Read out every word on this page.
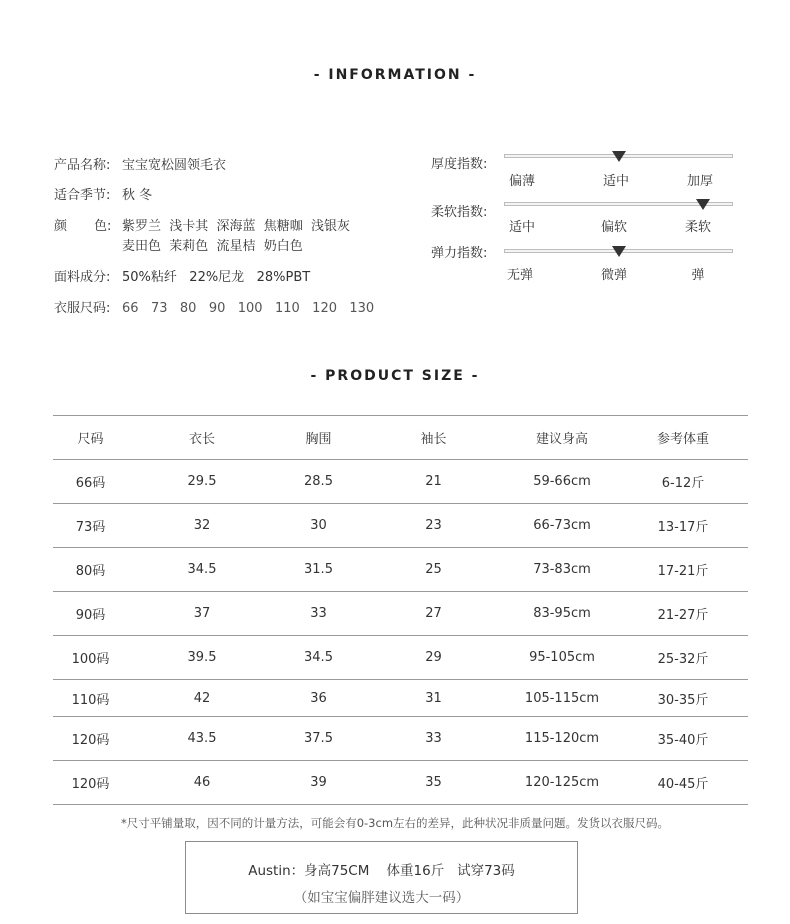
- INFORMATION -
产品名称: 宝宝宽松圆领毛衣
适合季节: 秋 冬
颜 色: 紫罗兰  浅卡其  深海蓝  焦糖咖  浅银灰
麦田色  茉莉色  流星桔  奶白色
面料成分: 50%粘纤   22%尼龙   28%PBT
衣服尺码: 66   73   80   90   100   110   120   130
厚度指数:
偏薄	适中	加厚
柔软指数:
适中	偏软	柔软
弹力指数:
无弹	微弹	弹
- PRODUCT SIZE -
尺码	衣长	胸围	袖长	建议身高	参考体重
66码	29.5	28.5	21	59-66cm	6-12斤
73码	32	30	23	66-73cm	13-17斤
80码	34.5	31.5	25	73-83cm	17-21斤
90码	37	33	27	83-95cm	21-27斤
100码	39.5	34.5	29	95-105cm	25-32斤
110码	42	36	31	105-115cm	30-35斤
120码	43.5	37.5	33	115-120cm	35-40斤
120码	46	39	35	120-125cm	40-45斤
*尺寸平铺量取，因不同的计量方法，可能会有0-3cm左右的差异，此种状况非质量问题。发货以衣服尺码。
Austin：身高75CM    体重16斤   试穿73码
（如宝宝偏胖建议选大一码）
